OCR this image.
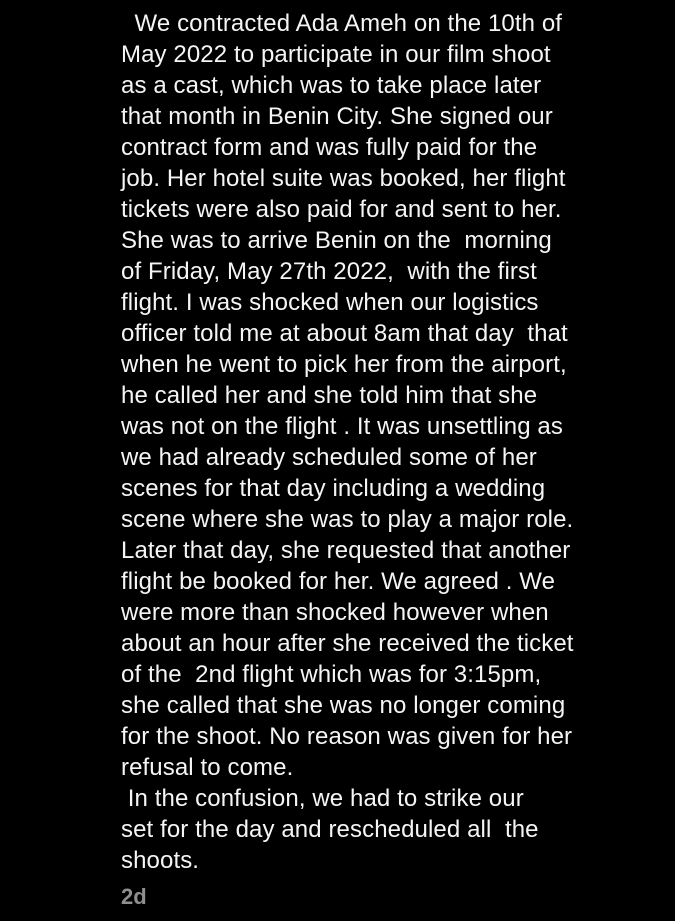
We contracted Ada Ameh on the 10th of
May 2022 to participate in our film shoot
as a cast, which was to take place later
that month in Benin City. She signed our
contract form and was fully paid for the
job. Her hotel suite was booked, her flight
tickets were also paid for and sent to her.
She was to arrive Benin on the  morning
of Friday, May 27th 2022,  with the first
flight. I was shocked when our logistics
officer told me at about 8am that day  that
when he went to pick her from the airport,
he called her and she told him that she
was not on the flight . It was unsettling as
we had already scheduled some of her
scenes for that day including a wedding
scene where she was to play a major role.
Later that day, she requested that another
flight be booked for her. We agreed . We
were more than shocked however when
about an hour after she received the ticket
of the  2nd flight which was for 3:15pm,
she called that she was no longer coming
for the shoot. No reason was given for her
refusal to come.
In the confusion, we had to strike our
set for the day and rescheduled all  the
shoots.
2d
